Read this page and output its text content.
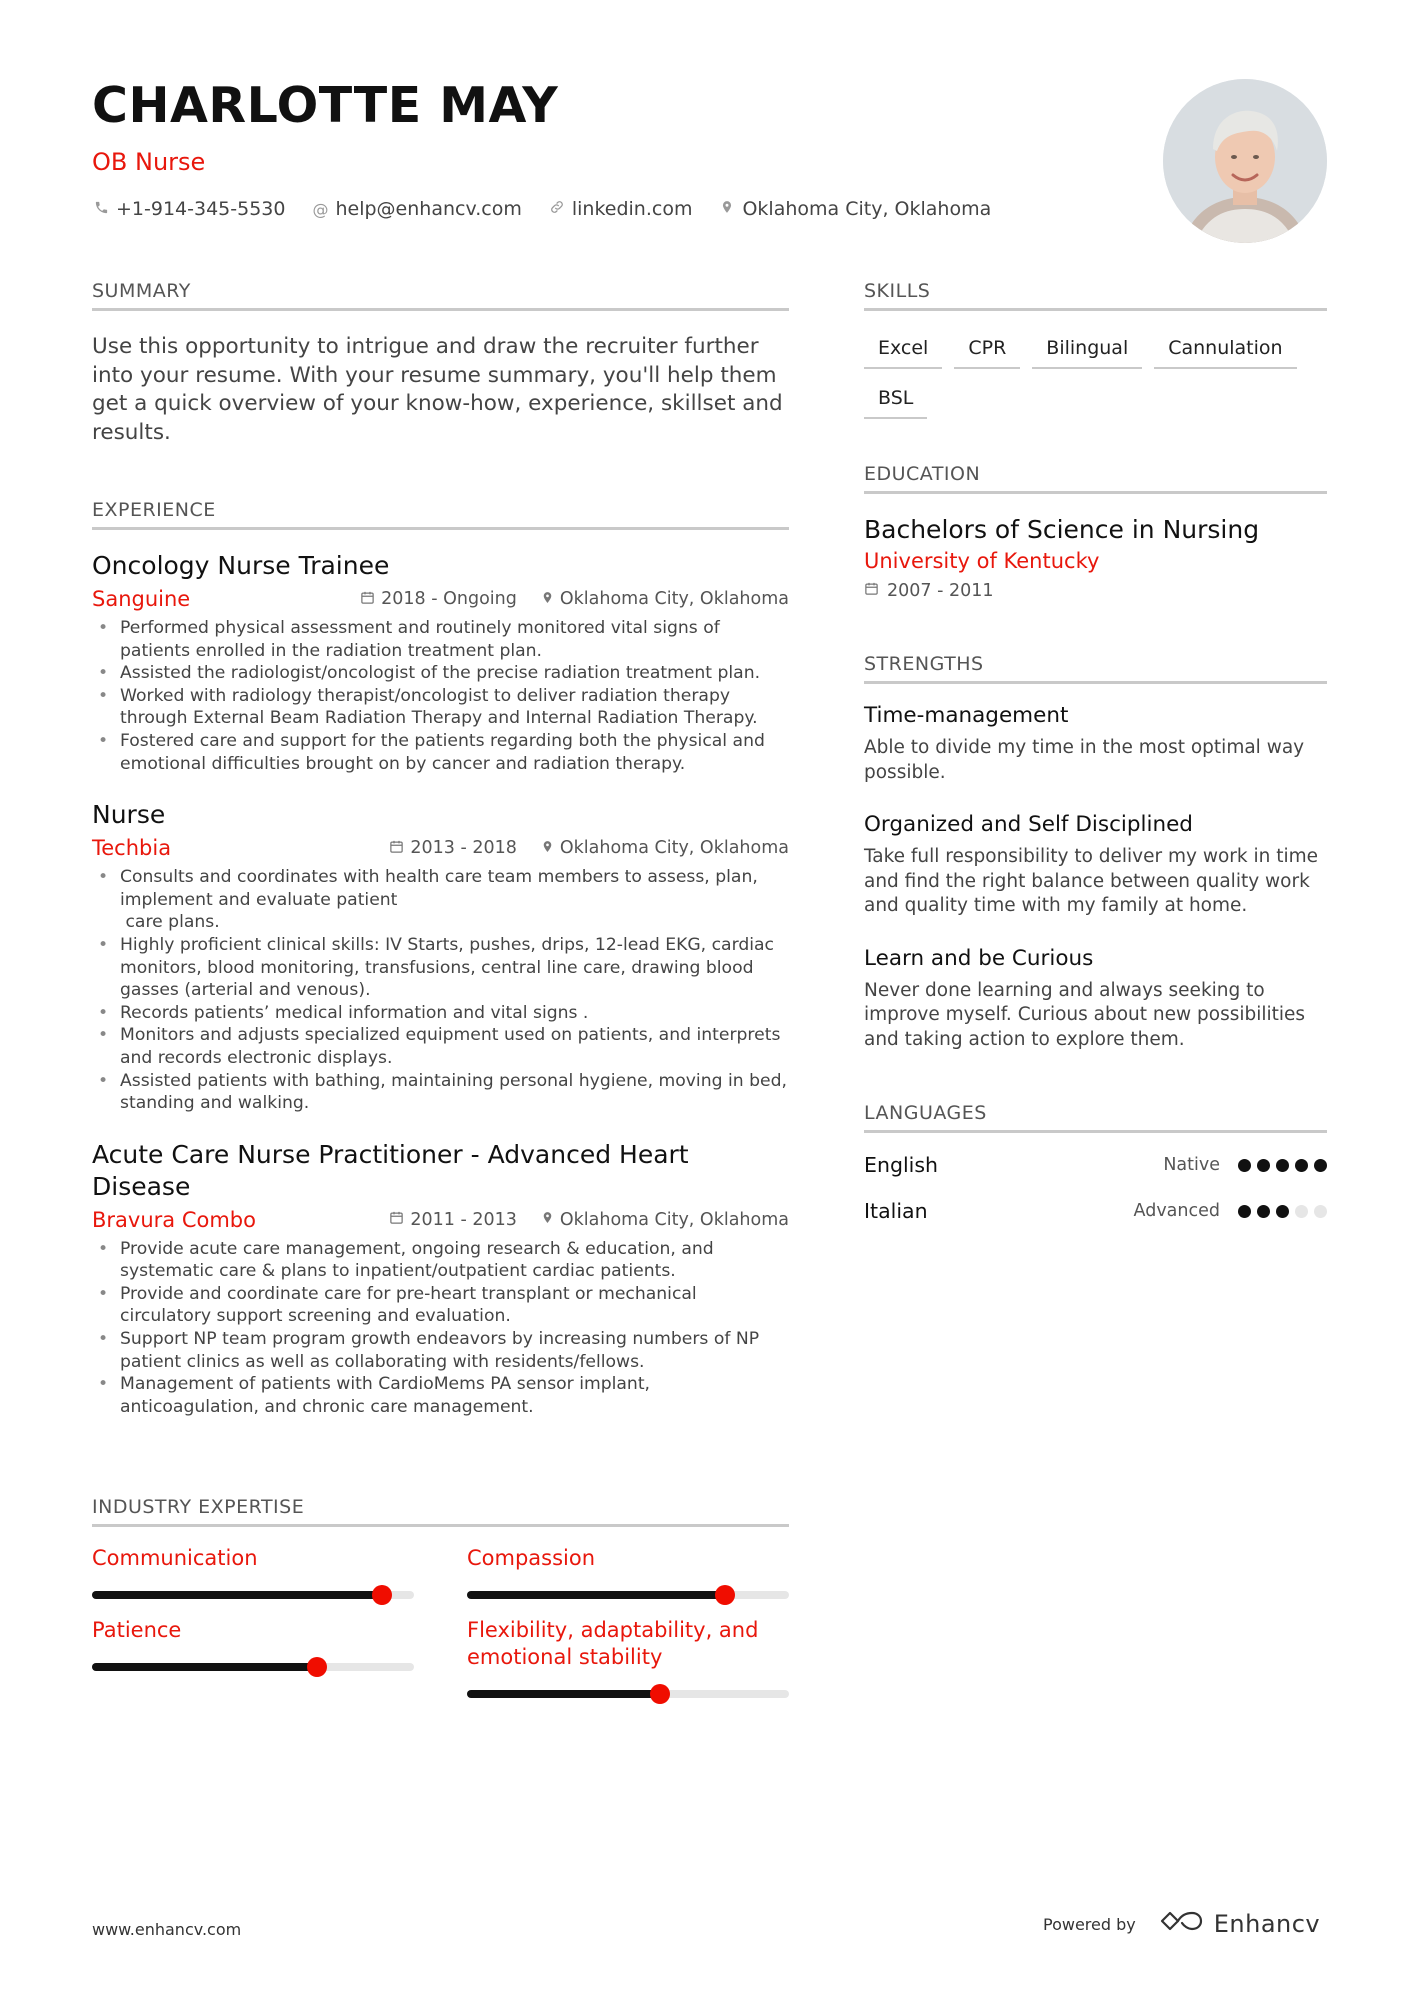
CHARLOTTE MAY
OB Nurse
+1-914-345-5530 @ help@enhancv.com	linkedin.com	Oklahoma City, Oklahoma
SUMMARY
Use this opportunity to intrigue and draw the recruiter further into your resume. With your resume summary, you'll help them get a quick overview of your know-how, experience, skillset and results.
EXPERIENCE
Oncology Nurse Trainee
Sanguine	2018 - Ongoing Oklahoma City, Oklahoma
• Performed physical assessment and routinely monitored vital signs of patients enrolled in the radiation treatment plan.
• Assisted the radiologist/oncologist of the precise radiation treatment plan.
• Worked with radiology therapist/oncologist to deliver radiation therapy through External Beam Radiation Therapy and Internal Radiation Therapy.
• Fostered care and support for the patients regarding both the physical and emotional difficulties brought on by cancer and radiation therapy.
Nurse
Techbia	2013 - 2018 Oklahoma City, Oklahoma
• Consults and coordinates with health care team members to assess, plan, implement and evaluate patient
care plans.
• Highly proficient clinical skills: IV Starts, pushes, drips, 12-lead EKG, cardiac monitors, blood monitoring, transfusions, central line care, drawing blood gasses (arterial and venous).
• Records patients’ medical information and vital signs .
• Monitors and adjusts specialized equipment used on patients, and interprets and records electronic displays.
• Assisted patients with bathing, maintaining personal hygiene, moving in bed, standing and walking.
Acute Care Nurse Practitioner - Advanced Heart Disease
Bravura Combo	2011 - 2013 Oklahoma City, Oklahoma
• Provide acute care management, ongoing research & education, and systematic care & plans to inpatient/outpatient cardiac patients.
• Provide and coordinate care for pre-heart transplant or mechanical circulatory support screening and evaluation.
• Support NP team program growth endeavors by increasing numbers of NP patient clinics as well as collaborating with residents/fellows.
• Management of patients with CardioMems PA sensor implant, anticoagulation, and chronic care management.
INDUSTRY EXPERTISE
Communication	Compassion
Patience	Flexibility, adaptability, and emotional stability
SKILLS
Excel	CPR	Bilingual	Cannulation
BSL
EDUCATION
Bachelors of Science in Nursing
University of Kentucky
2007 - 2011
STRENGTHS
Time-management
Able to divide my time in the most optimal way possible.
Organized and Self Disciplined
Take full responsibility to deliver my work in time and find the right balance between quality work and quality time with my family at home.
Learn and be Curious
Never done learning and always seeking to improve myself. Curious about new possibilities and taking action to explore them.
LANGUAGES
English	Native
Italian	Advanced
www.enhancv.com	Powered by	Enhancv
